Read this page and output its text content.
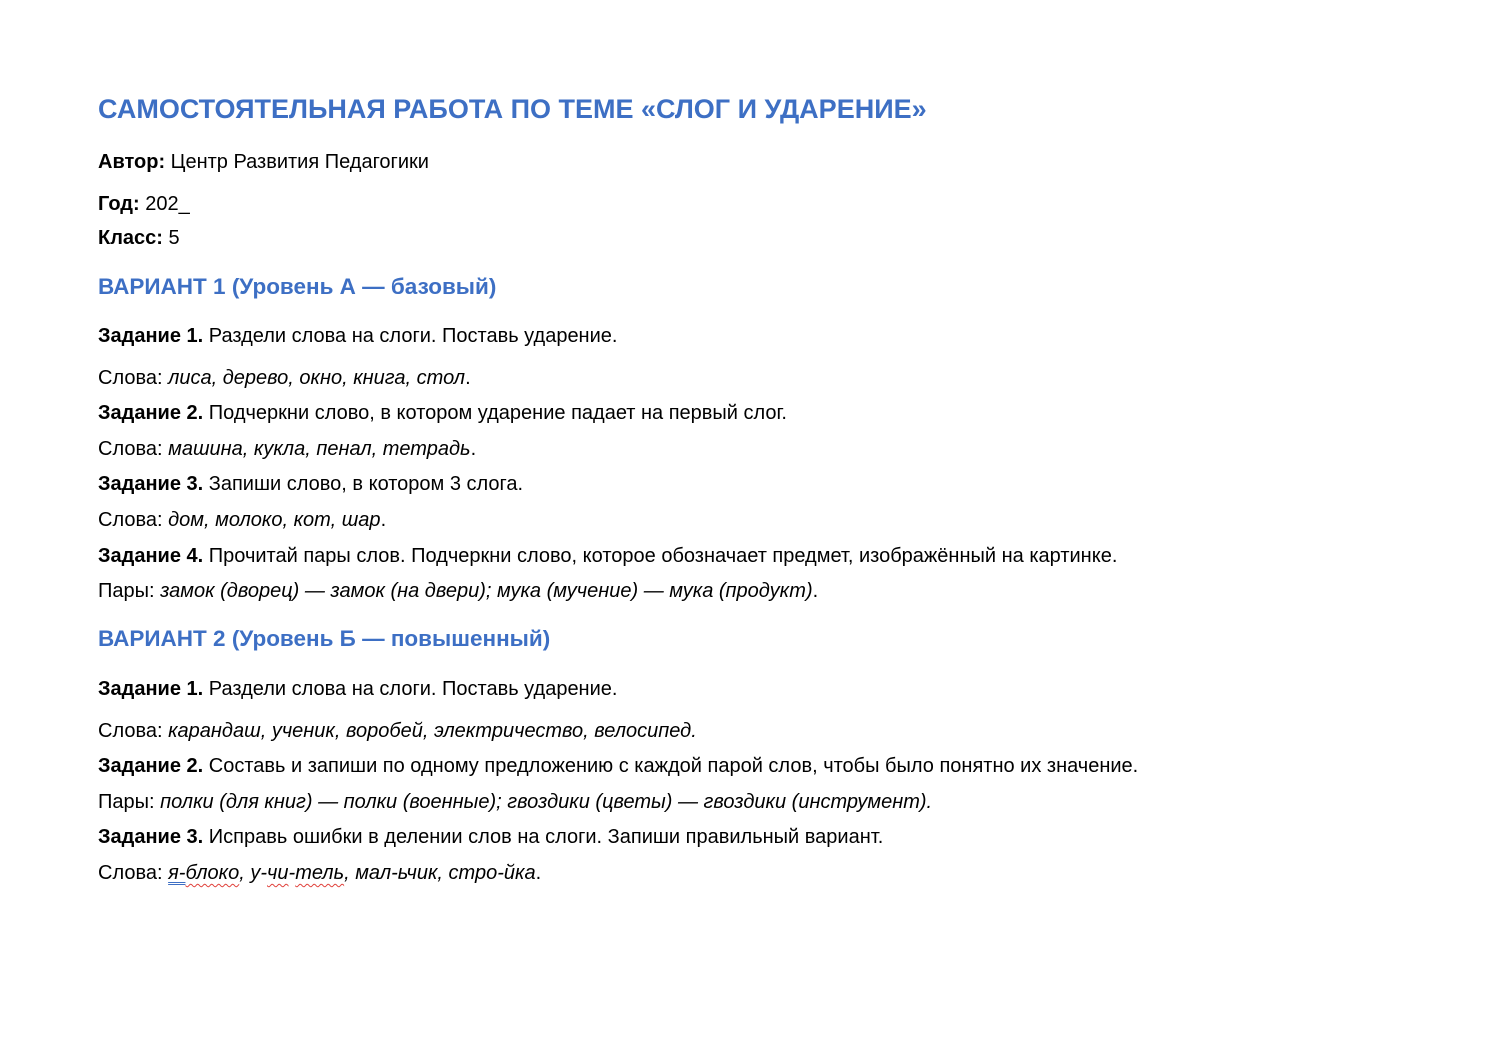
САМОСТОЯТЕЛЬНАЯ РАБОТА ПО ТЕМЕ «СЛОГ И УДАРЕНИЕ»

Автор: Центр Развития Педагогики

Год: 202_

Класс: 5

ВАРИАНТ 1 (Уровень А — базовый)

Задание 1. Раздели слова на слоги. Поставь ударение.

Слова: лиса, дерево, окно, книга, стол.

Задание 2. Подчеркни слово, в котором ударение падает на первый слог.

Слова: машина, кукла, пенал, тетрадь.

Задание 3. Запиши слово, в котором 3 слога.

Слова: дом, молоко, кот, шар.

Задание 4. Прочитай пары слов. Подчеркни слово, которое обозначает предмет, изображённый на картинке.

Пары: замок (дворец) — замок (на двери); мука (мучение) — мука (продукт).

ВАРИАНТ 2 (Уровень Б — повышенный)

Задание 1. Раздели слова на слоги. Поставь ударение.

Слова: карандаш, ученик, воробей, электричество, велосипед.

Задание 2. Составь и запиши по одному предложению с каждой парой слов, чтобы было понятно их значение.

Пары: полки (для книг) — полки (военные); гвоздики (цветы) — гвоздики (инструмент).

Задание 3. Исправь ошибки в делении слов на слоги. Запиши правильный вариант.

Слова: я-блоко, у-чи-тель, мал-ьчик, стро-йка.
